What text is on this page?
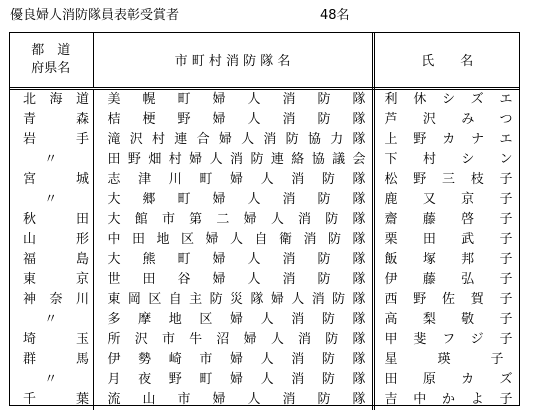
優良婦人消防隊員表彰受賞者	48名
都　道
府県名	市 町 村 消 防 隊 名	氏　　名
北海道	美幌町婦人消防隊	利休シズエ
青森	桔梗野婦人消防隊	芦沢みつ
岩手	滝沢村連合婦人消防協力隊	上野カナエ
〃	田野畑村婦人消防連絡協議会	下村シン
宮城	志津川町婦人消防隊	松野三枝子
〃	大郷町婦人消防隊	鹿又京子
秋田	大館市第二婦人消防隊	齋藤啓子
山形	中田地区婦人自衛消防隊	栗田武子
福島	大熊町婦人消防隊	飯塚邦子
東京	世田谷婦人消防隊	伊藤弘子
神奈川	東岡区自主防災隊婦人消防隊	西野佐賀子
〃	多摩地区婦人消防隊	高梨敬子
埼玉	所沢市牛沼婦人消防隊	甲斐フジ子
群馬	伊勢崎市婦人消防隊	星瑛子
〃	月夜野町婦人消防隊	田原カズ
千葉	流山市婦人消防隊	吉中かよ子
